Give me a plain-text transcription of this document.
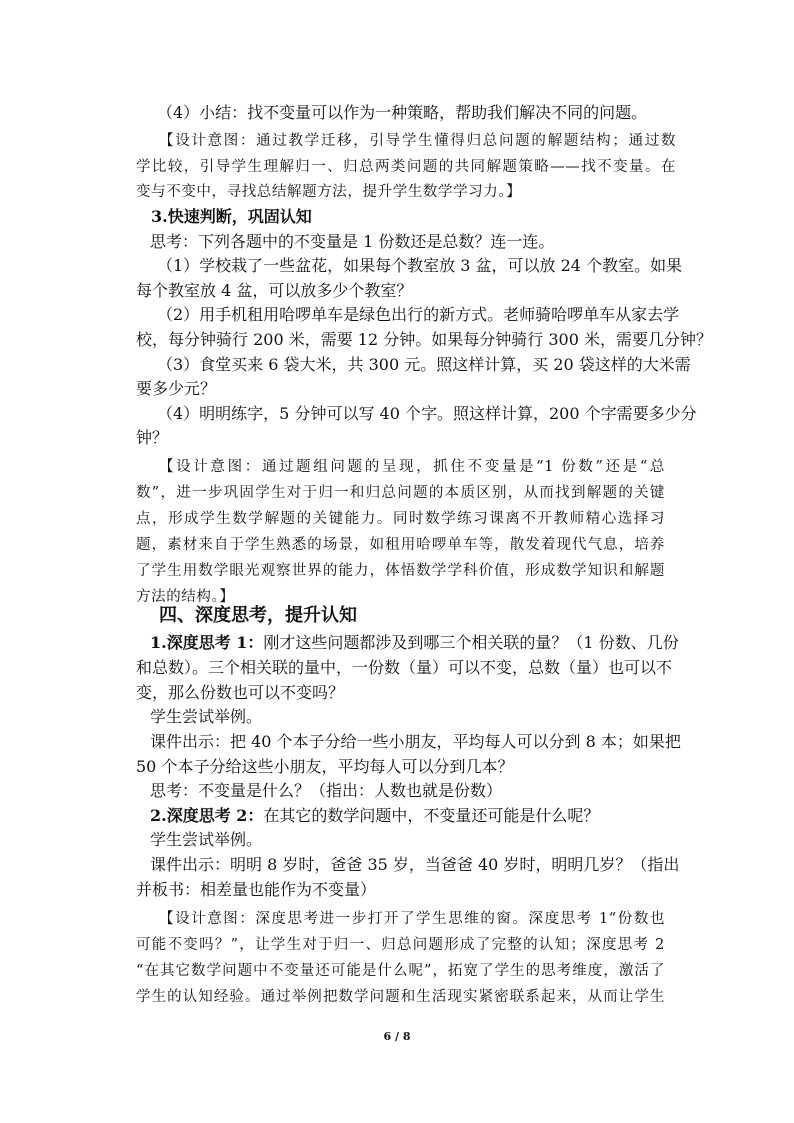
（4）小结：找不变量可以作为一种策略，帮助我们解决不同的问题。
【设计意图：通过教学迁移，引导学生懂得归总问题的解题结构；通过数
学比较，引导学生理解归一、归总两类问题的共同解题策略——找不变量。在
变与不变中，寻找总结解题方法，提升学生数学学习力。】
3.快速判断，巩固认知
思考：下列各题中的不变量是 1 份数还是总数？连一连。
（1）学校栽了一些盆花，如果每个教室放 3 盆，可以放 24 个教室。如果
每个教室放 4 盆，可以放多少个教室？
（2）用手机租用哈啰单车是绿色出行的新方式。老师骑哈啰单车从家去学
校，每分钟骑行 200 米，需要 12 分钟。如果每分钟骑行 300 米，需要几分钟？
（3）食堂买来 6 袋大米，共 300 元。照这样计算，买 20 袋这样的大米需
要多少元？
（4）明明练字，5 分钟可以写 40 个字。照这样计算，200 个字需要多少分
钟？
【设计意图：通过题组问题的呈现，抓住不变量是“1 份数”还是“总
数”，进一步巩固学生对于归一和归总问题的本质区别，从而找到解题的关键
点，形成学生数学解题的关键能力。同时数学练习课离不开教师精心选择习
题，素材来自于学生熟悉的场景，如租用哈啰单车等，散发着现代气息，培养
了学生用数学眼光观察世界的能力，体悟数学学科价值，形成数学知识和解题
方法的结构。】
四、深度思考，提升认知
1.深度思考 1：刚才这些问题都涉及到哪三个相关联的量？（1 份数、几份
和总数）。三个相关联的量中，一份数（量）可以不变，总数（量）也可以不
变，那么份数也可以不变吗？
学生尝试举例。
课件出示：把 40 个本子分给一些小朋友，平均每人可以分到 8 本；如果把
50 个本子分给这些小朋友，平均每人可以分到几本？
思考：不变量是什么？（指出：人数也就是份数）
2.深度思考 2：在其它的数学问题中，不变量还可能是什么呢？
学生尝试举例。
课件出示：明明 8 岁时，爸爸 35 岁，当爸爸 40 岁时，明明几岁？（指出
并板书：相差量也能作为不变量）
【设计意图：深度思考进一步打开了学生思维的窗。深度思考 1“份数也
可能不变吗？”，让学生对于归一、归总问题形成了完整的认知；深度思考 2
“在其它数学问题中不变量还可能是什么呢”，拓宽了学生的思考维度，激活了
学生的认知经验。通过举例把数学问题和生活现实紧密联系起来，从而让学生
6 / 8
